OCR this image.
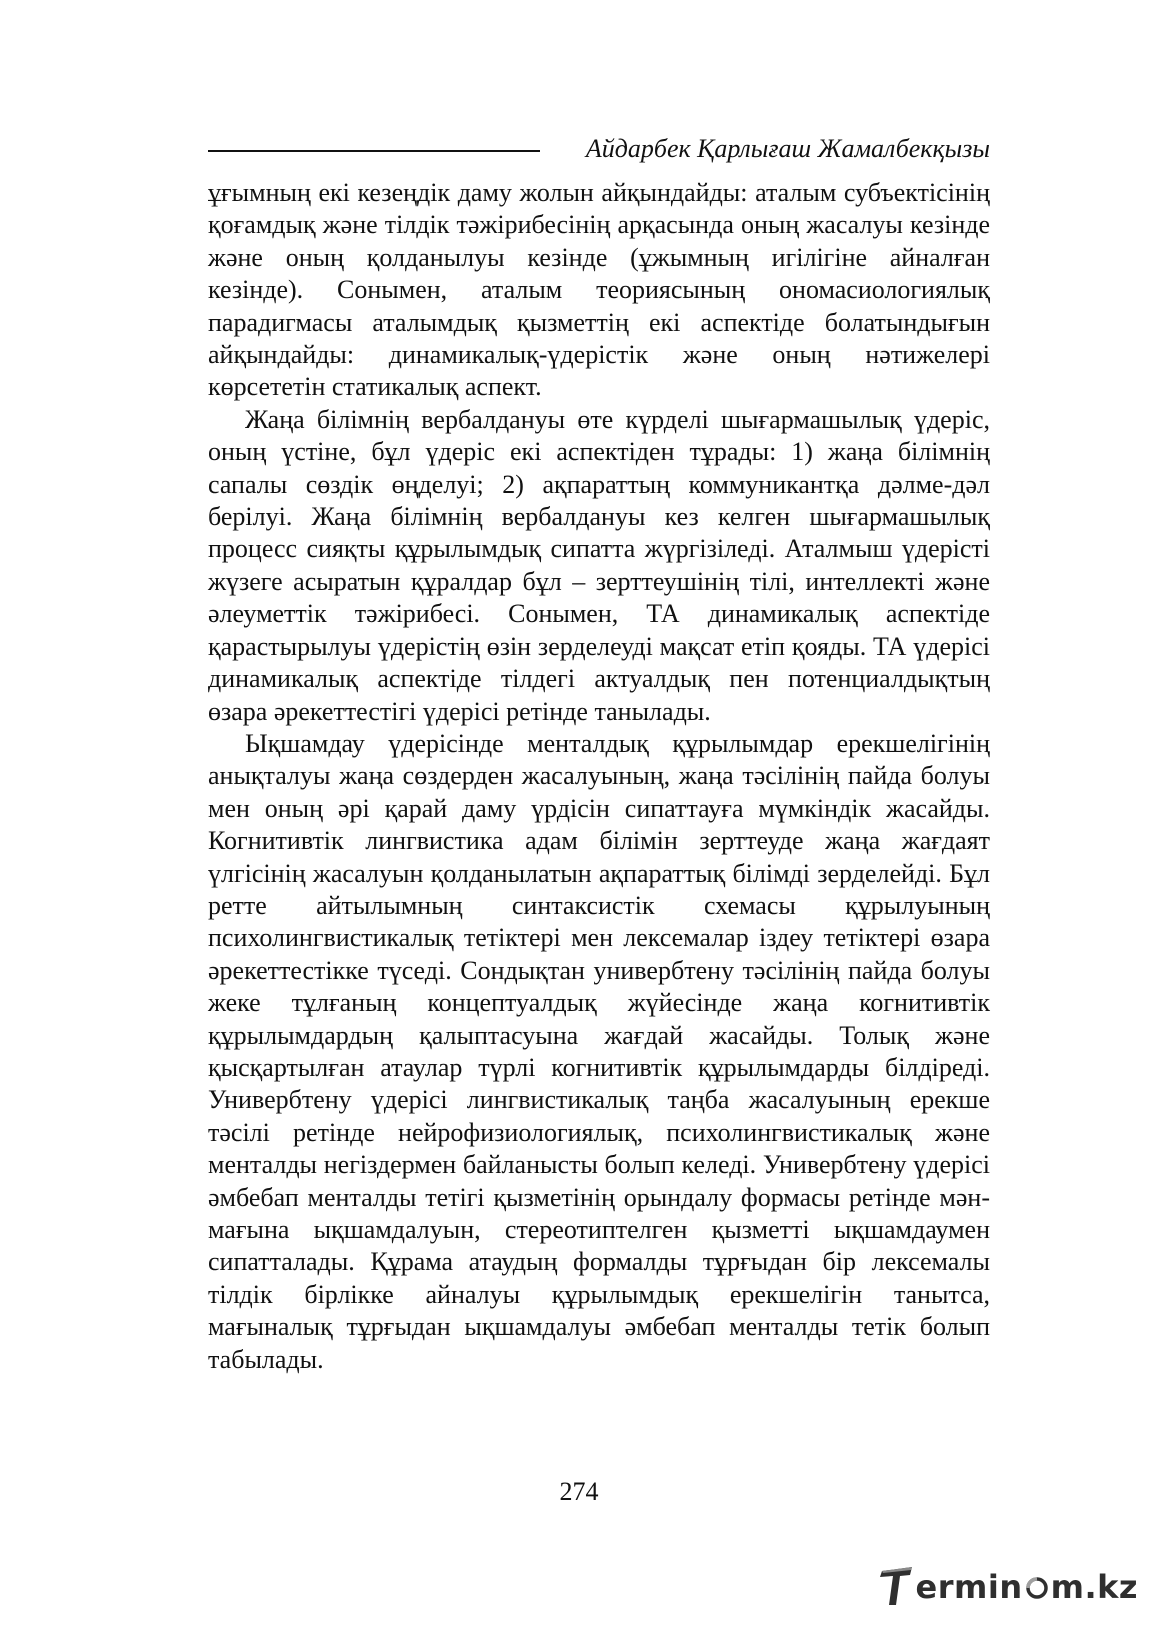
Айдарбек Қарлығаш Жамалбекқызы

ұғымның екі кезеңдік даму жолын айқындайды: аталым субъектісінің қоғамдық және тілдік тәжірибесінің арқасында оның жасалуы кезінде және оның қолданылуы кезінде (ұжымның игілігіне айналған кезінде). Сонымен, аталым теориясының ономасиологиялық парадигмасы аталымдық қызметтің екі аспектіде болатындығын айқындайды: динамикалық-үдерістік және оның нәтижелері көрсететін статикалық аспект.

Жаңа білімнің вербалдануы өте күрделі шығармашылық үдеріс, оның үстіне, бұл үдеріс екі аспектіден тұрады: 1) жаңа білімнің сапалы сөздік өңделуі; 2) ақпараттың коммуникантқа дәлме-дәл берілуі. Жаңа білімнің вербалдануы кез келген шығармашылық процесс сияқты құрылымдық сипатта жүргізіледі. Аталмыш үдерісті жүзеге асыратын құралдар бұл – зерттеушінің тілі, интеллекті және әлеуметтік тәжірибесі. Сонымен, ТА динамикалық аспектіде қарастырылуы үдерістің өзін зерделеуді мақсат етіп қояды. ТА үдерісі динамикалық аспектіде тілдегі актуалдық пен потенциалдықтың өзара әрекеттестігі үдерісі ретінде танылады.

Ықшамдау үдерісінде менталдық құрылымдар ерекшелігінің анықталуы жаңа сөздерден жасалуының, жаңа тәсілінің пайда болуы мен оның әрі қарай даму үрдісін сипаттауға мүмкіндік жасайды. Когнитивтік лингвистика адам білімін зерттеуде жаңа жағдаят үлгісінің жасалуын қолданылатын ақпараттық білімді зерделейді. Бұл ретте айтылымның синтаксистік схемасы құрылуының психолингвистикалық тетіктері мен лексемалар іздеу тетіктері өзара әрекеттестікке түседі. Сондықтан универбтену тәсілінің пайда болуы жеке тұлғаның концептуалдық жүйесінде жаңа когнитивтік құрылымдардың қалыптасуына жағдай жасайды. Толық және қысқартылған атаулар түрлі когнитивтік құрылымдарды білдіреді. Универбтену үдерісі лингвистикалық таңба жасалуының ерекше тәсілі ретінде нейрофизиологиялық, психолингвистикалық және менталды негіздермен байланысты болып келеді. Универбтену үдерісі әмбебап менталды тетігі қызметінің орындалу формасы ретінде мән-мағына ықшамдалуын, стереотиптелген қызметті ықшамдаумен сипатталады. Құрама атаудың формалды тұрғыдан бір лексемалы тілдік бірлікке айналуы құрылымдық ерекшелігін танытса, мағыналық тұрғыдан ықшамдалуы әмбебап менталды тетік болып табылады.

274
ermin m.kz
